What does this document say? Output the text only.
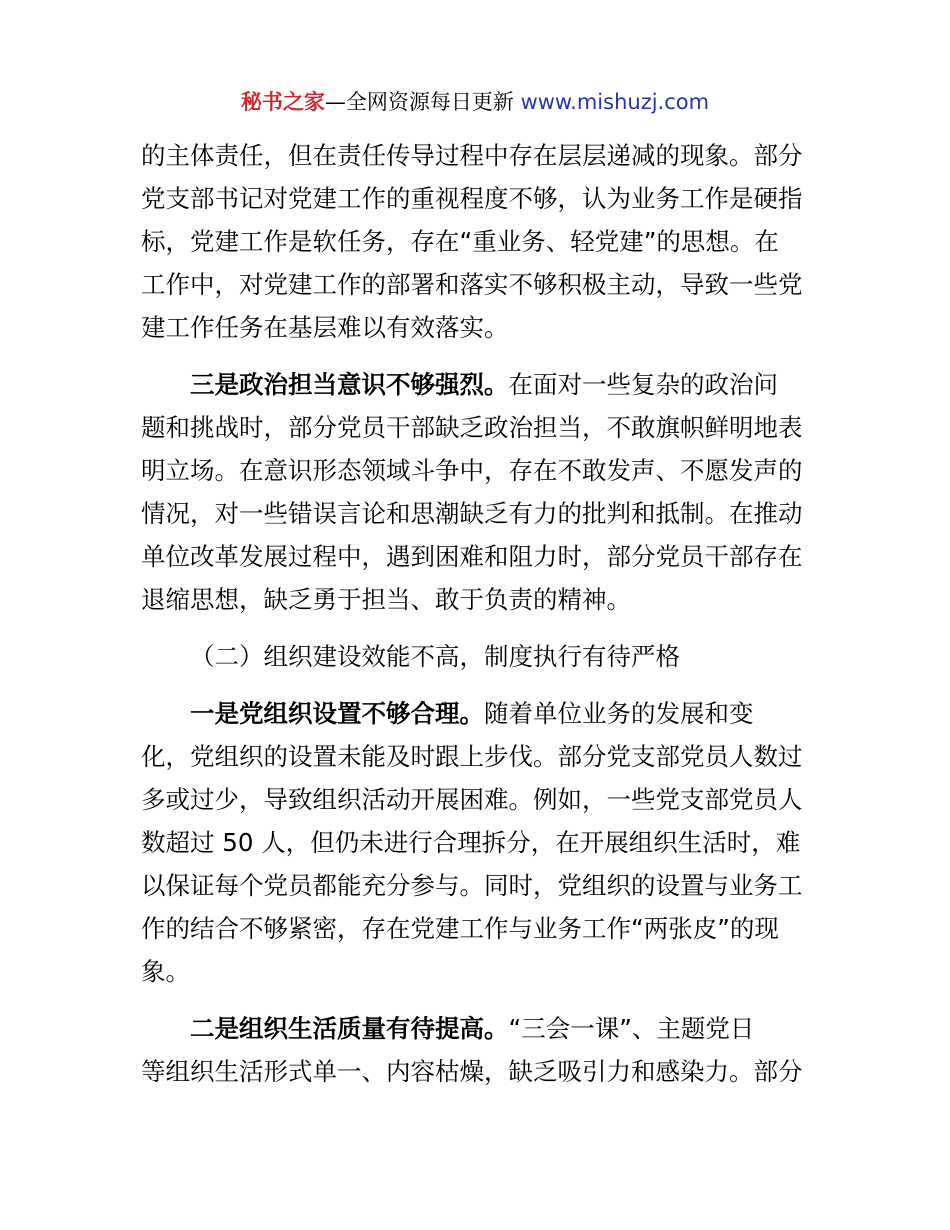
秘书之家—全网资源每日更新 www.mishuzj.com
的主体责任，但在责任传导过程中存在层层递减的现象。部分
党支部书记对党建工作的重视程度不够，认为业务工作是硬指
标，党建工作是软任务，存在“重业务、轻党建”的思想。在
工作中，对党建工作的部署和落实不够积极主动，导致一些党
建工作任务在基层难以有效落实。
三是政治担当意识不够强烈。在面对一些复杂的政治问
题和挑战时，部分党员干部缺乏政治担当，不敢旗帜鲜明地表
明立场。在意识形态领域斗争中，存在不敢发声、不愿发声的
情况，对一些错误言论和思潮缺乏有力的批判和抵制。在推动
单位改革发展过程中，遇到困难和阻力时，部分党员干部存在
退缩思想，缺乏勇于担当、敢于负责的精神。
（二）组织建设效能不高，制度执行有待严格
一是党组织设置不够合理。随着单位业务的发展和变
化，党组织的设置未能及时跟上步伐。部分党支部党员人数过
多或过少，导致组织活动开展困难。例如，一些党支部党员人
数超过 50 人，但仍未进行合理拆分，在开展组织生活时，难
以保证每个党员都能充分参与。同时，党组织的设置与业务工
作的结合不够紧密，存在党建工作与业务工作“两张皮”的现
象。
二是组织生活质量有待提高。“三会一课”、主题党日
等组织生活形式单一、内容枯燥，缺乏吸引力和感染力。部分
